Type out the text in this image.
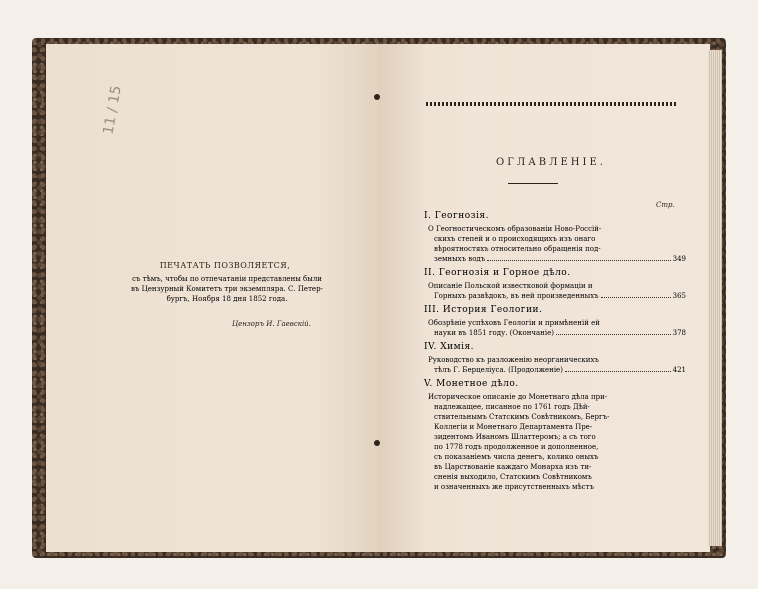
11 / 15
ПЕЧАТАТЬ ПОЗВОЛЯЕТСЯ,
съ тѣмъ, чтобы по отпечатаніи представлены были
въ Цензурный Комитетъ три экземпляра. С. Петер-
бургъ, Ноября 18 дня 1852 года.
Цензоръ И. Гаевскій.
ОГЛАВЛЕНІЕ.
Стр.
I. Геогнозія.
О Геогностическомъ образованіи Ново-Россій-
скихъ степей и о происходящихъ изъ онаго
вѣроятностяхъ относительно обращенія под-
земныхъ водъ	349
II. Геогнозія и Горное дѣло.
Описаніе Польской известковой формаціи и
Горныхъ развѣдокъ, въ ней произведенныхъ	365
III. История Геологии.
Обозрѣніе успѣховъ Геологіи и примѣненій ей
науки въ 1851 году. (Окончаніе)	378
IV. Химія.
Руководство къ разложенію неорганическихъ
тѣлъ Г. Берцеліуса. (Продолженіе)	421
V. Монетное дѣло.
Историческое описаніе до Монетнаго дѣла при-
надлежащее, писанное по 1761 годъ Дѣй-
ствительнымъ Статскимъ Совѣтникомъ, Бергъ-
Коллегіи и Монетнаго Департамента Пре-
зидентомъ Иваномъ Шлаттеромъ; а съ того
по 1778 годъ продолженное и дополненное,
съ показаніемъ числа денегъ, колико оныхъ
въ Царствованіе каждаго Монарха изъ ти-
сненія выходило, Статскимъ Совѣтникомъ
и означенныхъ же присутственныхъ мѣстъ
